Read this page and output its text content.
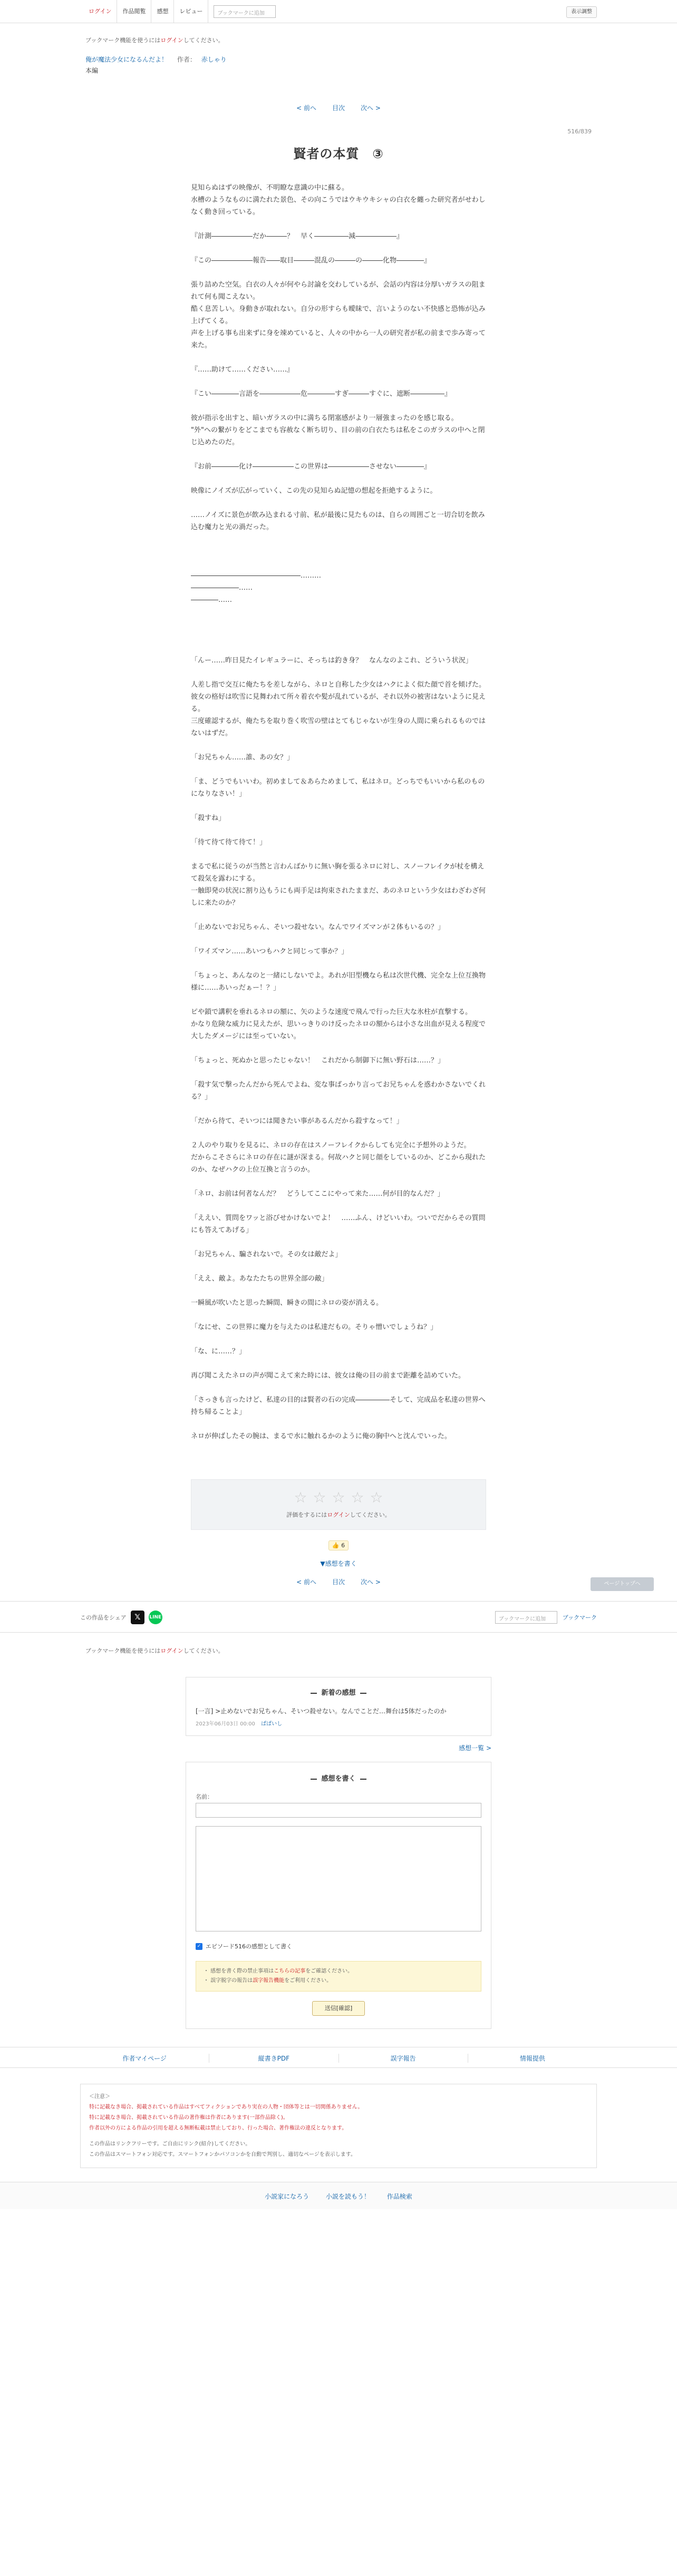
ログイン	作品閲覧	感想	レビュー	ブックマークに追加	表示調整
ブックマーク機能を使うにはログインしてください。
俺が魔法少女になるんだよ！ 作者： 赤しゃり
本編
< 前へ	目次	次へ >
516/839
賢者の本質　③

見知らぬはずの映像が、不明瞭な意識の中に蘇る。

水槽のようなものに満たれた景色、その向こうではウキウキシャの白衣を纏った研究者がせわしなく動き回っている。

『計測――――――だか―――？　早く―――――減――――――』

『この――――――報告――取目―――混乱の―――の―――化物――――』

張り詰めた空気。白衣の人々が何やら討論を交わしているが、会話の内容は分厚いガラスの阻まれて何も聞こえない。

酷く息苦しい。身動きが取れない。自分の形すらも曖昧で、言いようのない不快感と恐怖が込み上げてくる。

声を上げる事も出来ずに身を竦めていると、人々の中から一人の研究者が私の前まで歩み寄って来た。

『……助けて……ください……』

『こい――――言語を――――――危――――すぎ―――すぐに、遮断―――――』

彼が指示を出すと、暗いガラスの中に満ちる閉塞感がより一層強まったのを感じ取る。

"外"への繋がりをどこまでも容赦なく断ち切り、目の前の白衣たちは私をこのガラスの中へと閉じ込めたのだ。

『お前――――化け――――――この世界は――――――させない――――』

映像にノイズが広がっていく、この先の見知らぬ記憶の想起を拒絶するように。

……ノイズに景色が飲み込まれる寸前、私が最後に見たものは、自らの周囲ごと一切合切を飲み込む魔力と光の渦だった。

――――――――――――――――………

―――――――……

――――……

「んー……昨日見たイレギュラーに、そっちは釣き身？　なんなのよこれ、どういう状況」

人差し指で交互に俺たちを差しながら、ネロと自称した少女はハクによく似た顔で首を傾げた。

彼女の格好は吹雪に見舞われて所々着衣や髪が乱れているが、それ以外の被害はないように見える。

三度確認するが、俺たちを取り巻く吹雪の壁はとてもじゃないが生身の人間に乗られるものではないはずだ。

「お兄ちゃん……誰、あの女？」

「ま、どうでもいいわ。初めまして＆あらためまして、私はネロ。どっちでもいいから私のものになりなさい！」

「殺すね」

「待て待て待て待て！」

まるで私に従うのが当然と言わんばかりに無い胸を張るネロに対し、スノーフレイクが杖を構えて殺気を露わにする。

一触即発の状況に割り込もうにも両手足は拘束されたままだ、あのネロという少女はわざわざ何しに来たのか？

「止めないでお兄ちゃん、そいつ殺せない。なんでワイズマンが２体もいるの？」

「ワイズマン……あいつもハクと同じって事か？」

「ちょっと、あんなのと一緒にしないでよ。あれが旧型機なら私は次世代機、完全な上位互換物様に……あいっだぁー！？」

ピや鎖で講釈を垂れるネロの額に、矢のような速度で飛んで行った巨大な氷柱が直撃する。

かなり危険な威力に見えたが、思いっきりのけ反ったネロの額からは小さな出血が見える程度で大したダメージには至っていない。

「ちょっと、死ぬかと思ったじゃない！　これだから制御下に無い野石は……？」

「殺す気で撃ったんだから死んでよね、変な事ばっかり言ってお兄ちゃんを惑わかさないでくれる？」

「だから待て、そいつには聞きたい事があるんだから殺すなって！」

２人のやり取りを見るに、ネロの存在はスノーフレイクからしても完全に予想外のようだ。

だからこそさらにネロの存在に謎が深まる。何故ハクと同じ顔をしているのか、どこから現れたのか、なぜハクの上位互換と言うのか。

「ネロ、お前は何者なんだ？　どうしてここにやって来た……何が目的なんだ？」

「ええい、質問をワッと浴びせかけないでよ！　……ふん、けどいいわ。ついでだからその質問にも答えてあげる」

「お兄ちゃん、騙されないで。その女は敵だよ」

「ええ、敵よ。あなたたちの世界全部の敵」

一瞬風が吹いたと思った瞬間、瞬きの間にネロの姿が消える。

「なにせ、この世界に魔力を与えたのは私達だもの。そりゃ憎いでしょうね？」

「な、に……？」

再び聞こえたネロの声が聞こえて来た時には、彼女は俺の目の前まで距離を詰めていた。

「さっきも言ったけど、私達の目的は賢者の石の完成―――――そして、完成品を私達の世界へ持ち帰ることよ」

ネロが伸ばしたその腕は、まるで水に触れるかのように俺の胸中へと沈んでいった。

☆ ☆ ☆ ☆ ☆
評価をするにはログインしてください。
👍 6
▼感想を書く
< 前へ	目次	次へ >	ページトップへ
この作品をシェア	𝕏	LINE	ブックマークに追加	ブックマーク
ブックマーク機能を使うにはログインしてください。
新着の感想
[一言] >止めないでお兄ちゃん、そいつ殺せない。なんでことだ…舞台は5体だったのか
2023年06月03日 00:00 ぱぱいし
感想一覧 >
感想を書く
名前：
✓ エピソード516の感想として書く
・ 感想を書く際の禁止事項はこちらの記事をご確認ください。
・ 誤字脱字の報告は誤字報告機能をご利用ください。
送信[確認]
作者マイページ	縦書きPDF	誤字報告	情報提供
＜注意＞
特に記載なき場合、掲載されている作品はすべてフィクションであり実在の人物・団体等とは一切関係ありません。
特に記載なき場合、掲載されている作品の著作権は作者にあります(一部作品除く)。
作者以外の方による作品の引用を超える無断転載は禁止しており、行った場合、著作権法の違反となります。
この作品はリンクフリーです。ご自由にリンク(紹介)してください。
この作品はスマートフォン対応です。スマートフォンかパソコンかを自動で判別し、適切なページを表示します。
小説家になろう	小説を読もう！	作品検索
